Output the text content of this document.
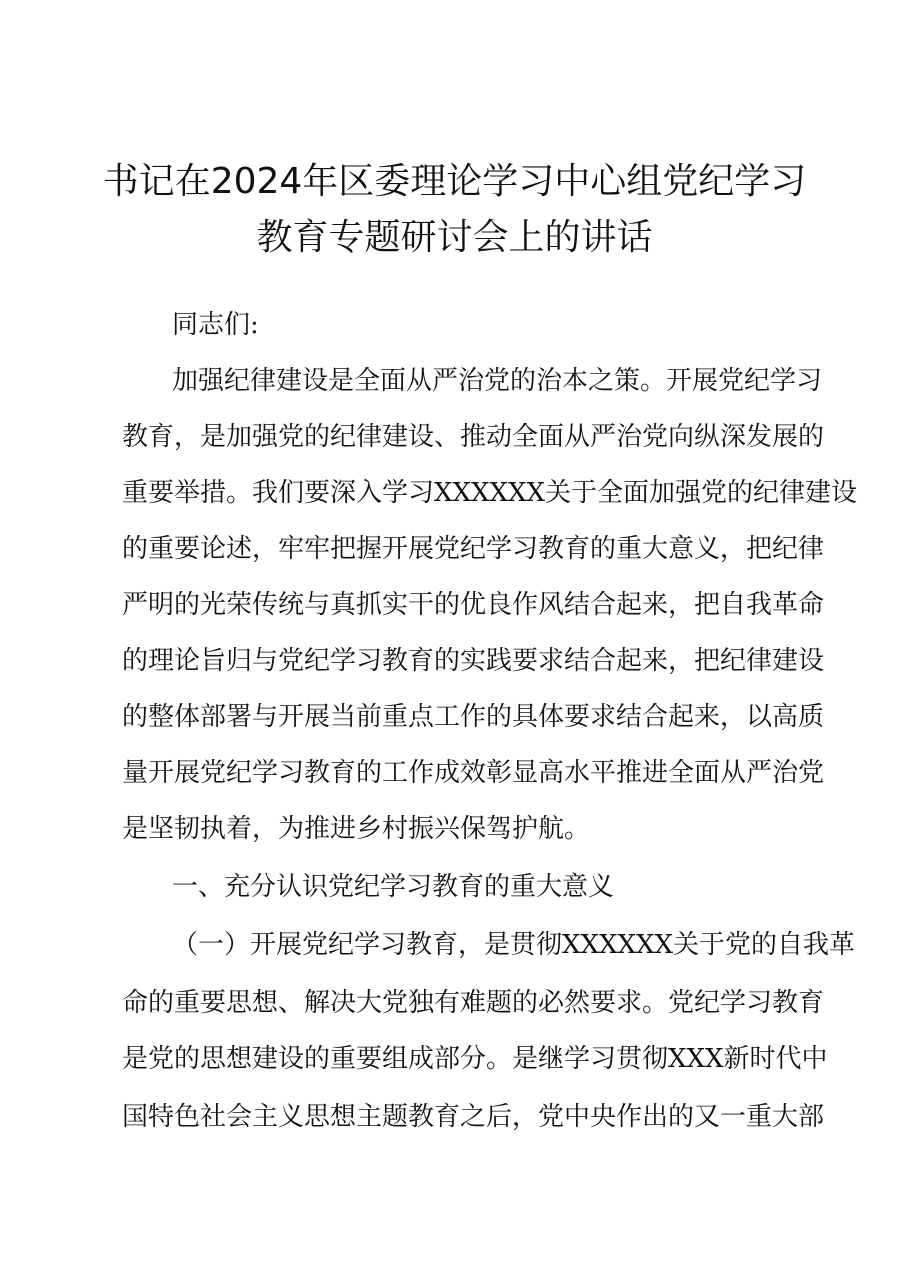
书记在2024年区委理论学习中心组党纪学习
教育专题研讨会上的讲话
同志们:
加强纪律建设是全面从严治党的治本之策。开展党纪学习
教育，是加强党的纪律建设、推动全面从严治党向纵深发展的
重要举措。我们要深入学习XXXXXX关于全面加强党的纪律建设
的重要论述，牢牢把握开展党纪学习教育的重大意义，把纪律
严明的光荣传统与真抓实干的优良作风结合起来，把自我革命
的理论旨归与党纪学习教育的实践要求结合起来，把纪律建设
的整体部署与开展当前重点工作的具体要求结合起来，以高质
量开展党纪学习教育的工作成效彰显高水平推进全面从严治党
是坚韧执着，为推进乡村振兴保驾护航。
一、充分认识党纪学习教育的重大意义
（一）开展党纪学习教育，是贯彻XXXXXX关于党的自我革
命的重要思想、解决大党独有难题的必然要求。党纪学习教育
是党的思想建设的重要组成部分。是继学习贯彻XXX新时代中
国特色社会主义思想主题教育之后，党中央作出的又一重大部
